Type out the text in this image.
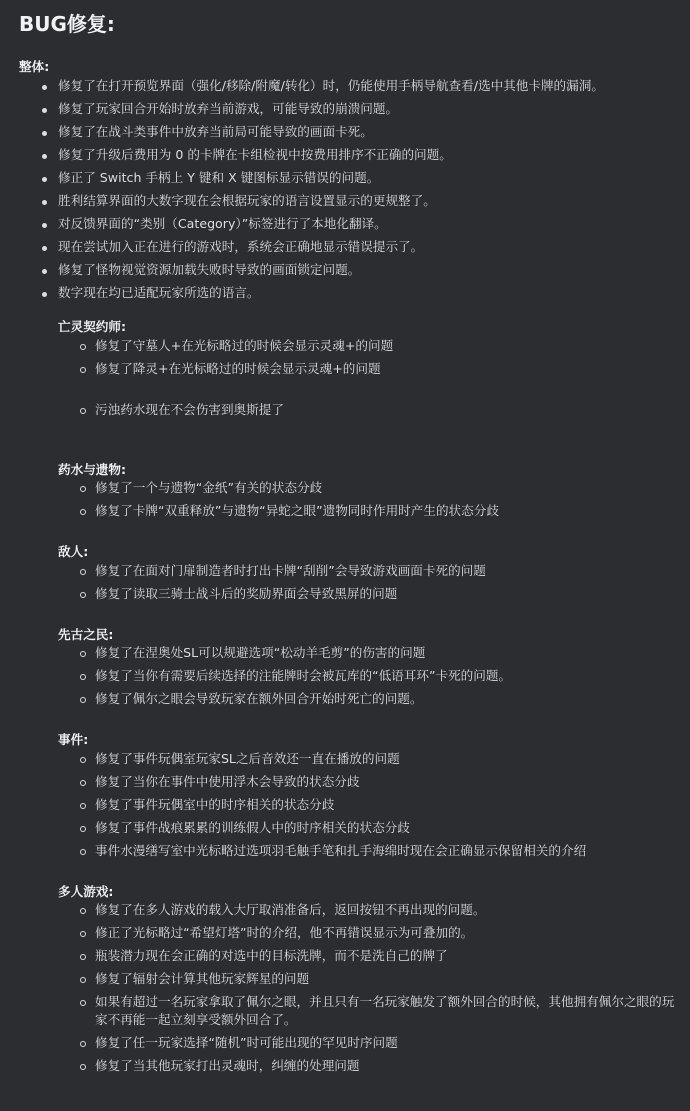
BUG修复:
整体:
修复了在打开预览界面（强化/移除/附魔/转化）时，仍能使用手柄导航查看/选中其他卡牌的漏洞。
修复了玩家回合开始时放弃当前游戏，可能导致的崩溃问题。
修复了在战斗类事件中放弃当前局可能导致的画面卡死。
修复了升级后费用为 0 的卡牌在卡组检视中按费用排序不正确的问题。
修正了 Switch 手柄上 Y 键和 X 键图标显示错误的问题。
胜利结算界面的大数字现在会根据玩家的语言设置显示的更规整了。
对反馈界面的“类别（Category）”标签进行了本地化翻译。
现在尝试加入正在进行的游戏时，系统会正确地显示错误提示了。
修复了怪物视觉资源加载失败时导致的画面锁定问题。
数字现在均已适配玩家所选的语言。
亡灵契约师:
修复了守墓人+在光标略过的时候会显示灵魂+的问题
修复了降灵+在光标略过的时候会显示灵魂+的问题
污浊药水现在不会伤害到奥斯提了
药水与遗物:
修复了一个与遗物“金纸”有关的状态分歧
修复了卡牌“双重释放”与遗物“异蛇之眼”遗物同时作用时产生的状态分歧
敌人:
修复了在面对门扉制造者时打出卡牌“刮削”会导致游戏画面卡死的问题
修复了读取三骑士战斗后的奖励界面会导致黑屏的问题
先古之民:
修复了在涅奥处SL可以规避选项“松动羊毛剪”的伤害的问题
修复了当你有需要后续选择的注能牌时会被瓦库的“低语耳环”卡死的问题。
修复了佩尔之眼会导致玩家在额外回合开始时死亡的问题。
事件:
修复了事件玩偶室玩家SL之后音效还一直在播放的问题
修复了当你在事件中使用浮木会导致的状态分歧
修复了事件玩偶室中的时序相关的状态分歧
修复了事件战痕累累的训练假人中的时序相关的状态分歧
事件水漫缮写室中光标略过选项羽毛触手笔和扎手海绵时现在会正确显示保留相关的介绍
多人游戏:
修复了在多人游戏的载入大厅取消准备后，返回按钮不再出现的问题。
修正了光标略过“希望灯塔”时的介绍，他不再错误显示为可叠加的。
瓶装潜力现在会正确的对选中的目标洗牌，而不是洗自己的牌了
修复了辐射会计算其他玩家辉星的问题
如果有超过一名玩家拿取了佩尔之眼，并且只有一名玩家触发了额外回合的时候，其他拥有佩尔之眼的玩家不再能一起立刻享受额外回合了。
修复了任一玩家选择“随机”时可能出现的罕见时序问题
修复了当其他玩家打出灵魂时，纠缠的处理问题
